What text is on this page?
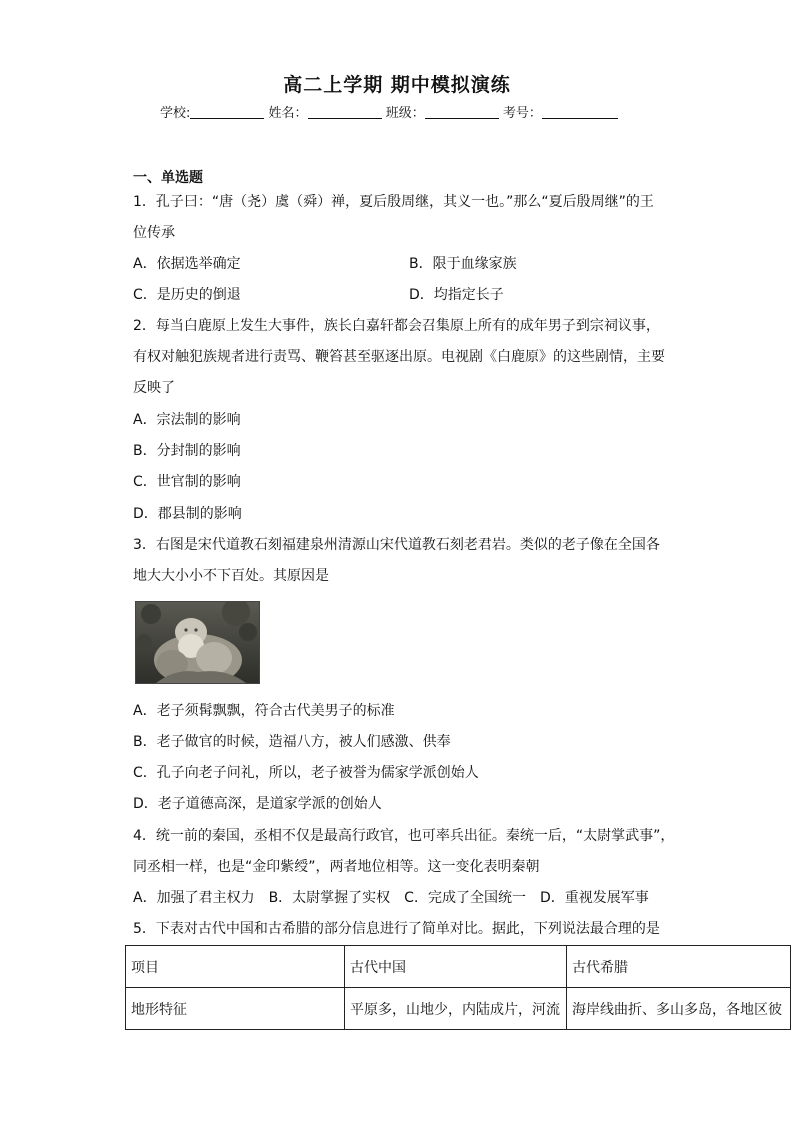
高二上学期 期中模拟演练
学校:	姓名：	班级：	考号：
一、单选题
1．孔子曰：“唐（尧）虞（舜）禅，夏后殷周继，其义一也。”那么“夏后殷周继”的王
位传承
A．依据选举确定	B．限于血缘家族
C．是历史的倒退	D．均指定长子
2．每当白鹿原上发生大事件，族长白嘉轩都会召集原上所有的成年男子到宗祠议事，
有权对触犯族规者进行责骂、鞭笞甚至驱逐出原。电视剧《白鹿原》的这些剧情，主要
反映了
A．宗法制的影响
B．分封制的影响
C．世官制的影响
D．郡县制的影响
3．右图是宋代道教石刻福建泉州清源山宋代道教石刻老君岩。类似的老子像在全国各
地大大小小不下百处。其原因是
A．老子须髯飘飘，符合古代美男子的标准
B．老子做官的时候，造福八方，被人们感激、供奉
C．孔子向老子问礼，所以，老子被誉为儒家学派创始人
D．老子道德高深，是道家学派的创始人
4．统一前的秦国，丞相不仅是最高行政官，也可率兵出征。秦统一后，“太尉掌武事”，
同丞相一样，也是“金印紫绶”，两者地位相等。这一变化表明秦朝
A．加强了君主权力　B．太尉掌握了实权　C．完成了全国统一　D．重视发展军事
5．下表对古代中国和古希腊的部分信息进行了简单对比。据此，下列说法最合理的是
项目	古代中国	古代希腊
地形特征	平原多，山地少，内陆成片，河流	海岸线曲折、多山多岛，各地区彼
